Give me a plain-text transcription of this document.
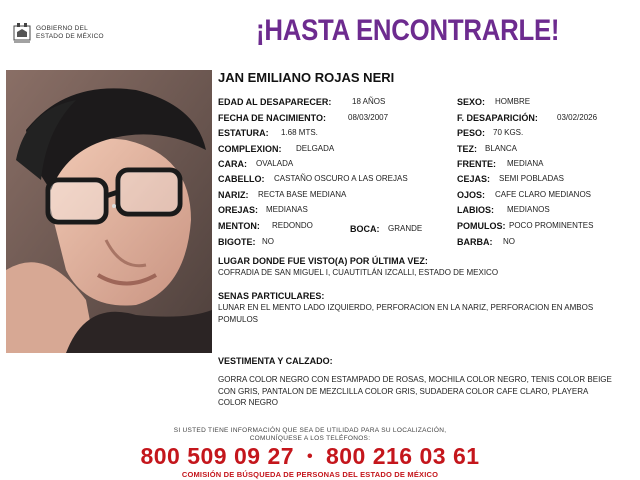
GOBIERNO DEL
ESTADO DE MÉXICO	¡HASTA ENCONTRARLE!
JAN EMILIANO ROJAS NERI
EDAD AL DESAPARECER:	18 AÑOS
FECHA DE NACIMIENTO:	08/03/2007
ESTATURA: 1.68 MTS.
COMPLEXION: DELGADA
CARA: OVALADA
CABELLO: CASTAÑO OSCURO A LAS OREJAS
NARIZ: RECTA BASE MEDIANA
OREJAS: MEDIANAS
MENTON: REDONDO
BIGOTE: NO
BOCA: GRANDE
SEXO: HOMBRE
F. DESAPARICIÓN: 03/02/2026
PESO: 70 KGS.
TEZ: BLANCA
FRENTE: MEDIANA
CEJAS: SEMI POBLADAS
OJOS: CAFE CLARO MEDIANOS
LABIOS: MEDIANOS
POMULOS: POCO PROMINENTES
BARBA: NO
LUGAR DONDE FUE VISTO(A) POR ÚLTIMA VEZ:
COFRADIA DE SAN MIGUEL I, CUAUTITLÁN IZCALLI, ESTADO DE MEXICO
SENAS PARTICULARES:
LUNAR EN EL MENTO LADO IZQUIERDO, PERFORACION EN LA NARIZ, PERFORACION EN AMBOS POMULOS
VESTIMENTA Y CALZADO:
GORRA COLOR NEGRO CON ESTAMPADO DE ROSAS, MOCHILA COLOR NEGRO, TENIS COLOR BEIGE CON GRIS, PANTALON DE MEZCLILLA COLOR GRIS, SUDADERA COLOR CAFE CLARO, PLAYERA COLOR NEGRO
SI USTED TIENE INFORMACIÓN QUE SEA DE UTILIDAD PARA SU LOCALIZACIÓN,
COMUNÍQUESE A LOS TELÉFONOS:
800 509 09 27 • 800 216 03 61
COMISIÓN DE BÚSQUEDA DE PERSONAS DEL ESTADO DE MÉXICO
